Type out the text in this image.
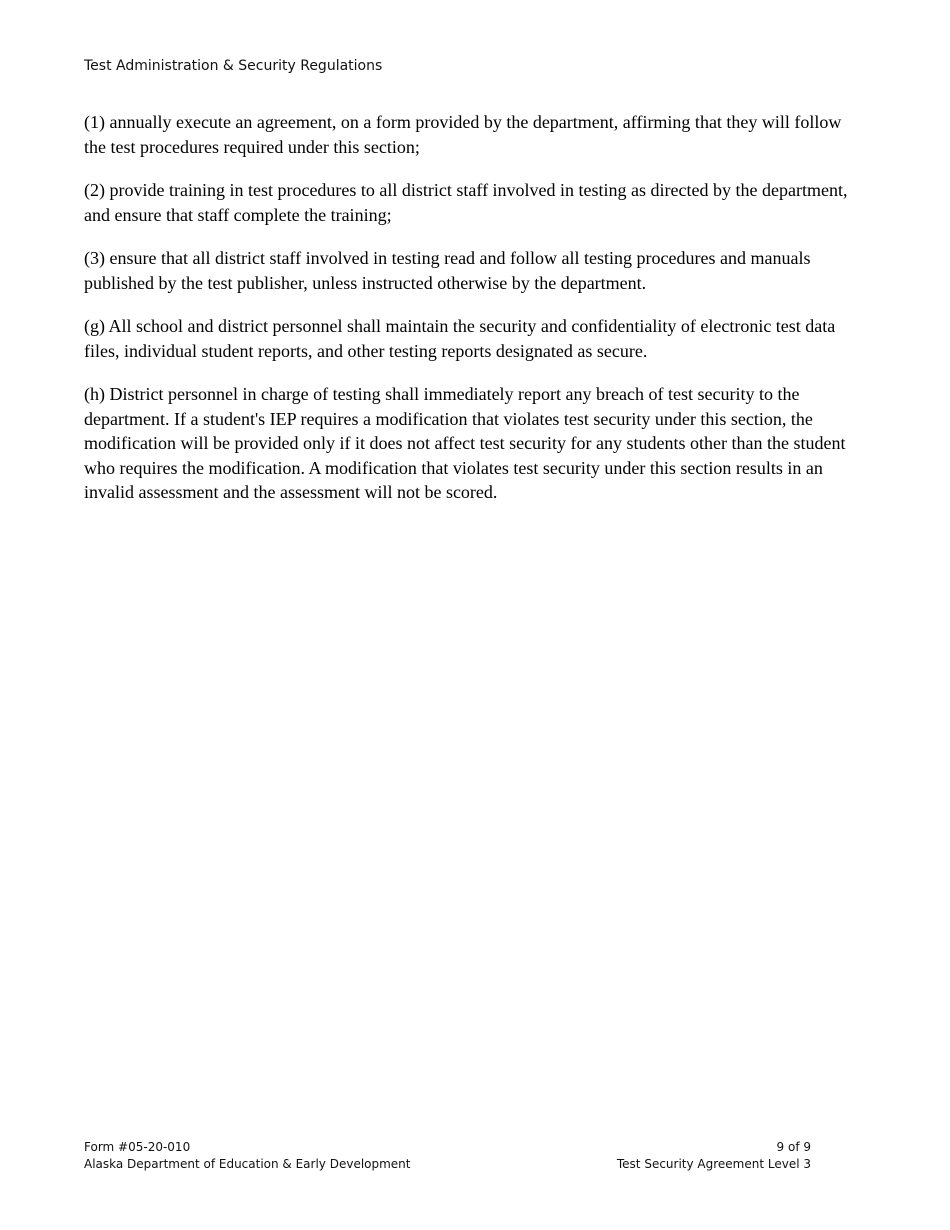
Test Administration & Security Regulations

(1) annually execute an agreement, on a form provided by the department, affirming that they will follow the test procedures required under this section;

(2) provide training in test procedures to all district staff involved in testing as directed by the department, and ensure that staff complete the training;

(3) ensure that all district staff involved in testing read and follow all testing procedures and manuals published by the test publisher, unless instructed otherwise by the department.

(g) All school and district personnel shall maintain the security and confidentiality of electronic test data files, individual student reports, and other testing reports designated as secure.

(h) District personnel in charge of testing shall immediately report any breach of test security to the department. If a student's IEP requires a modification that violates test security under this section, the modification will be provided only if it does not affect test security for any students other than the student who requires the modification. A modification that violates test security under this section results in an invalid assessment and the assessment will not be scored.

Form #05-20-010	9 of 9
Alaska Department of Education & Early Development	Test Security Agreement Level 3
